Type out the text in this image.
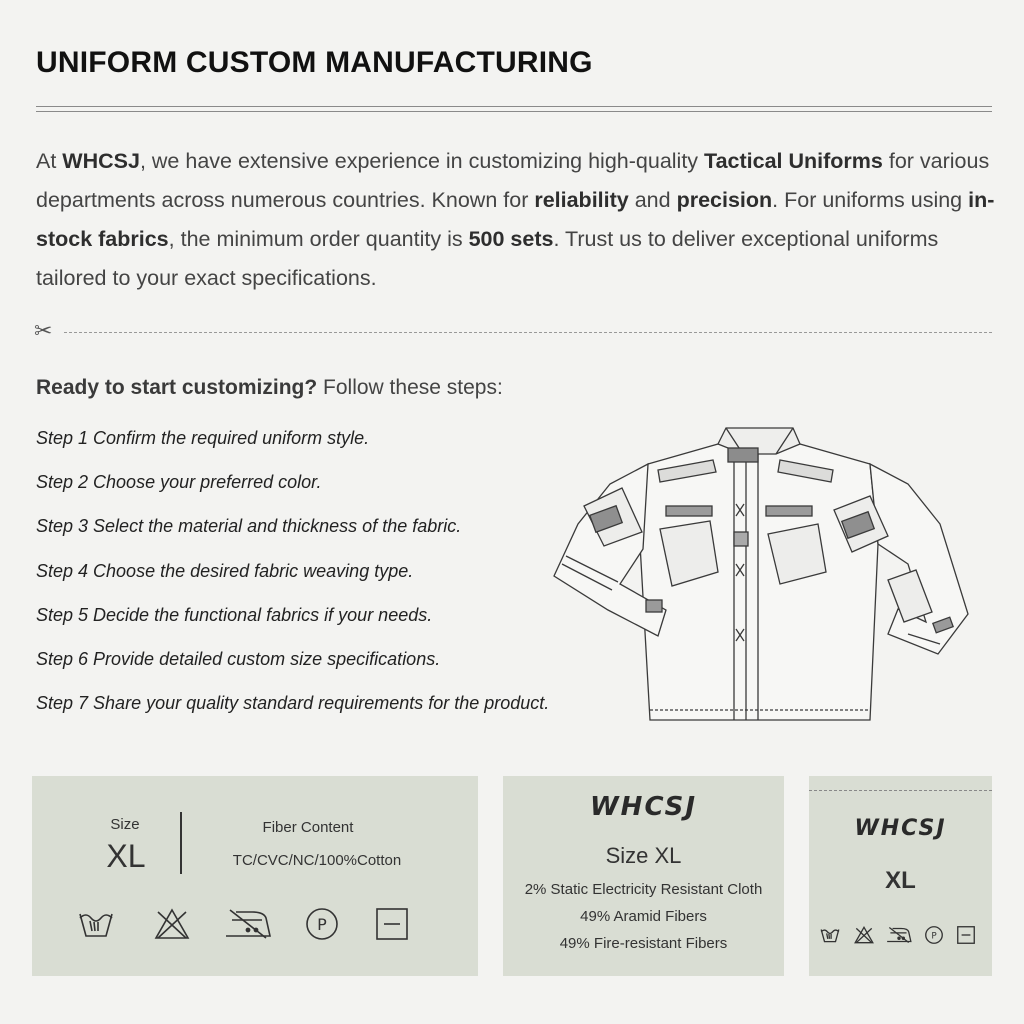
UNIFORM CUSTOM MANUFACTURING
At WHCSJ, we have extensive experience in customizing high-quality Tactical Uniforms for various departments across numerous countries. Known for reliability and precision. For uniforms using in-stock fabrics, the minimum order quantity is 500 sets. Trust us to deliver exceptional uniforms tailored to your exact specifications.
✂
Ready to start customizing? Follow these steps:
Step 1 Confirm the required uniform style.
Step 2 Choose your preferred color.
Step 3 Select the material and thickness of the fabric.
Step 4 Choose the desired fabric weaving type.
Step 5 Decide the functional fabrics if your needs.
Step 6 Provide detailed custom size specifications.
Step 7 Share your quality standard requirements for the product.
Size
XL
Fiber Content
TC/CVC/NC/100%Cotton
P
WHCSJ
Size XL
2% Static Electricity Resistant Cloth
49% Aramid Fibers
49% Fire-resistant Fibers
WHCSJ
XL
P
